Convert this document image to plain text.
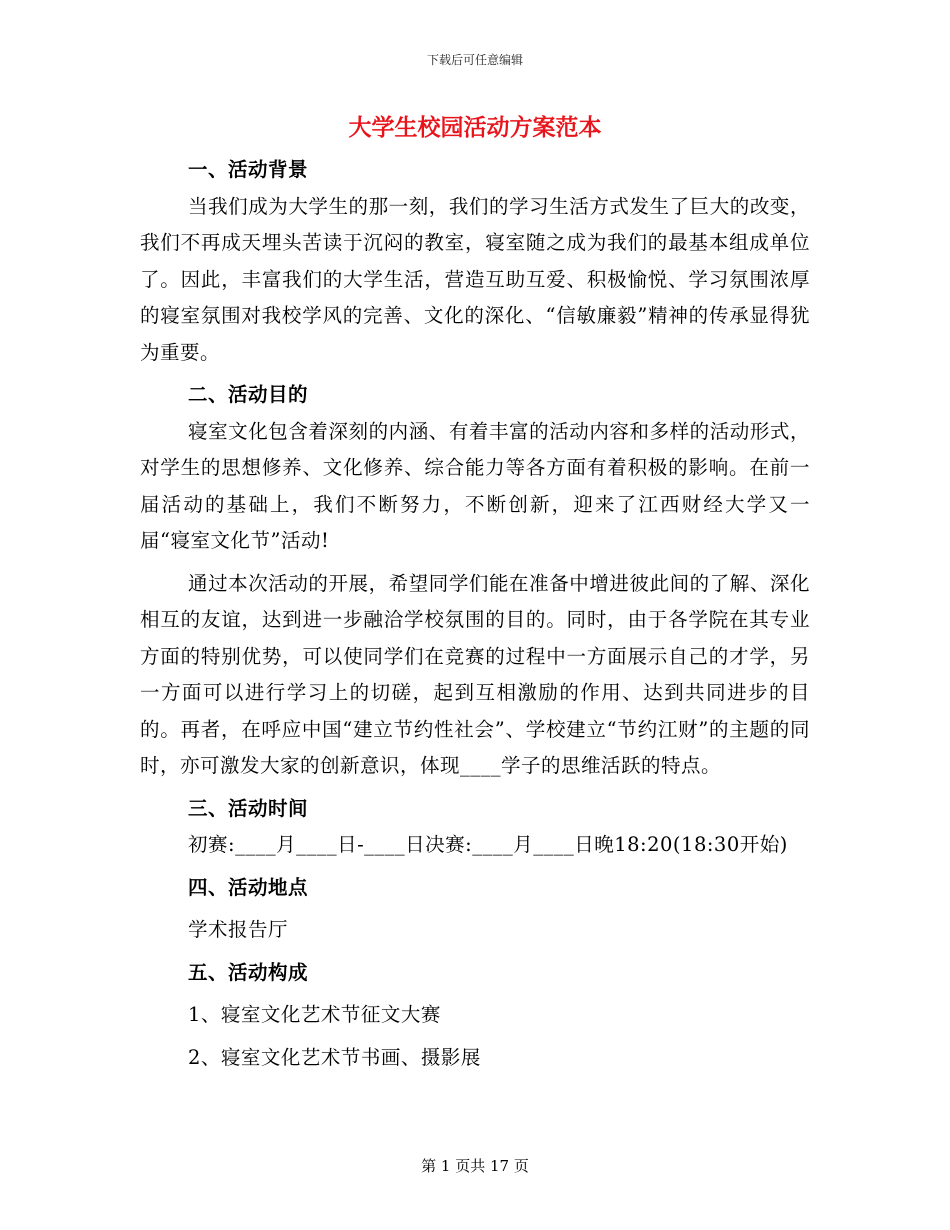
下载后可任意编辑
大学生校园活动方案范本
一、活动背景

当我们成为大学生的那一刻，我们的学习生活方式发生了巨大的改变，我们不再成天埋头苦读于沉闷的教室，寝室随之成为我们的最基本组成单位了。因此，丰富我们的大学生活，营造互助互爱、积极愉悦、学习氛围浓厚的寝室氛围对我校学风的完善、文化的深化、“信敏廉毅”精神的传承显得犹为重要。

二、活动目的

寝室文化包含着深刻的内涵、有着丰富的活动内容和多样的活动形式，对学生的思想修养、文化修养、综合能力等各方面有着积极的影响。在前一届活动的基础上，我们不断努力，不断创新，迎来了江西财经大学又一届“寝室文化节”活动!

通过本次活动的开展，希望同学们能在准备中增进彼此间的了解、深化相互的友谊，达到进一步融洽学校氛围的目的。同时，由于各学院在其专业方面的特别优势，可以使同学们在竞赛的过程中一方面展示自己的才学，另一方面可以进行学习上的切磋，起到互相激励的作用、达到共同进步的目的。再者，在呼应中国“建立节约性社会”、学校建立“节约江财”的主题的同时，亦可激发大家的创新意识，体现____学子的思维活跃的特点。

三、活动时间

初赛:____月____日-____日决赛:____月____日晚18:20(18:30开始)

四、活动地点
学术报告厅
五、活动构成
1、寝室文化艺术节征文大赛
2、寝室文化艺术节书画、摄影展
第 1 页共 17 页
